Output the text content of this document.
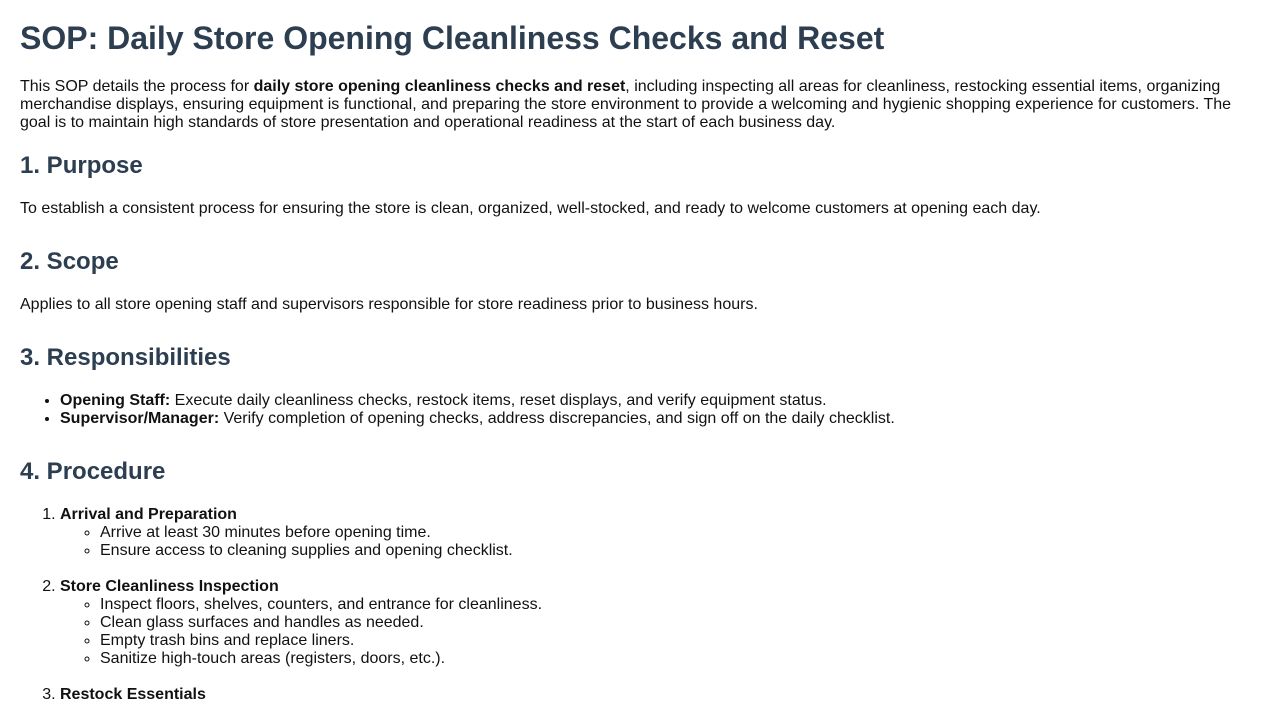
SOP: Daily Store Opening Cleanliness Checks and Reset

This SOP details the process for daily store opening cleanliness checks and reset, including inspecting all areas for cleanliness, restocking essential items, organizing merchandise displays, ensuring equipment is functional, and preparing the store environment to provide a welcoming and hygienic shopping experience for customers. The goal is to maintain high standards of store presentation and operational readiness at the start of each business day.

1. Purpose

To establish a consistent process for ensuring the store is clean, organized, well-stocked, and ready to welcome customers at opening each day.

2. Scope

Applies to all store opening staff and supervisors responsible for store readiness prior to business hours.

3. Responsibilities
• Opening Staff: Execute daily cleanliness checks, restock items, reset displays, and verify equipment status.
• Supervisor/Manager: Verify completion of opening checks, address discrepancies, and sign off on the daily checklist.
4. Procedure
1. Arrival and Preparation
◦ Arrive at least 30 minutes before opening time.
◦ Ensure access to cleaning supplies and opening checklist.
2. Store Cleanliness Inspection
◦ Inspect floors, shelves, counters, and entrance for cleanliness.
◦ Clean glass surfaces and handles as needed.
◦ Empty trash bins and replace liners.
◦ Sanitize high-touch areas (registers, doors, etc.).
3. Restock Essentials
